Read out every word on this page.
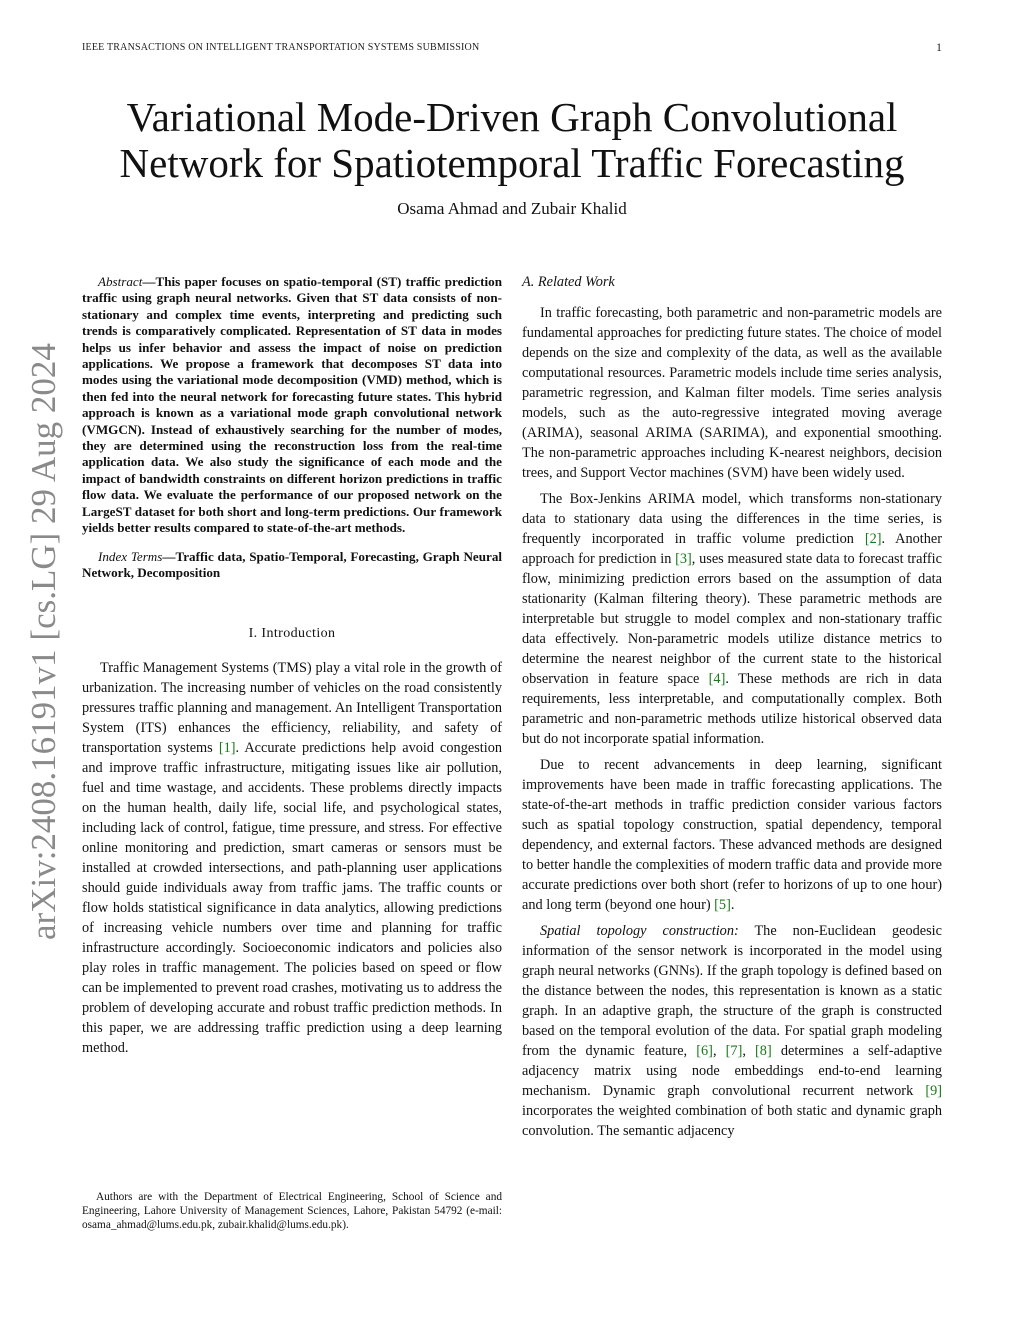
IEEE TRANSACTIONS ON INTELLIGENT TRANSPORTATION SYSTEMS SUBMISSION	1
arXiv:2408.16191v1 [cs.LG] 29 Aug 2024
Variational Mode-Driven Graph Convolutional Network for Spatiotemporal Traffic Forecasting
Osama Ahmad and Zubair Khalid

Abstract—This paper focuses on spatio-temporal (ST) traffic prediction traffic using graph neural networks. Given that ST data consists of non-stationary and complex time events, interpreting and predicting such trends is comparatively complicated. Representation of ST data in modes helps us infer behavior and assess the impact of noise on prediction applications. We propose a framework that decomposes ST data into modes using the variational mode decomposition (VMD) method, which is then fed into the neural network for forecasting future states. This hybrid approach is known as a variational mode graph convolutional network (VMGCN). Instead of exhaustively searching for the number of modes, they are determined using the reconstruction loss from the real-time application data. We also study the significance of each mode and the impact of bandwidth constraints on different horizon predictions in traffic flow data. We evaluate the performance of our proposed network on the LargeST dataset for both short and long-term predictions. Our framework yields better results compared to state-of-the-art methods.

Index Terms—Traffic data, Spatio-Temporal, Forecasting, Graph Neural Network, Decomposition

I. Introduction

Traffic Management Systems (TMS) play a vital role in the growth of urbanization. The increasing number of vehicles on the road consistently pressures traffic planning and management. An Intelligent Transportation System (ITS) enhances the efficiency, reliability, and safety of transportation systems [1]. Accurate predictions help avoid congestion and improve traffic infrastructure, mitigating issues like air pollution, fuel and time wastage, and accidents. These problems directly impacts on the human health, daily life, social life, and psychological states, including lack of control, fatigue, time pressure, and stress. For effective online monitoring and prediction, smart cameras or sensors must be installed at crowded intersections, and path-planning user applications should guide individuals away from traffic jams. The traffic counts or flow holds statistical significance in data analytics, allowing predictions of increasing vehicle numbers over time and planning for traffic infrastructure accordingly. Socioeconomic indicators and policies also play roles in traffic management. The policies based on speed or flow can be implemented to prevent road crashes, motivating us to address the problem of developing accurate and robust traffic prediction methods. In this paper, we are addressing traffic prediction using a deep learning method.

Authors are with the Department of Electrical Engineering, School of Science and Engineering, Lahore University of Management Sciences, Lahore, Pakistan 54792 (e-mail: osama_ahmad@lums.edu.pk, zubair.khalid@lums.edu.pk).

A. Related Work

In traffic forecasting, both parametric and non-parametric models are fundamental approaches for predicting future states. The choice of model depends on the size and complexity of the data, as well as the available computational resources. Parametric models include time series analysis, parametric regression, and Kalman filter models. Time series analysis models, such as the auto-regressive integrated moving average (ARIMA), seasonal ARIMA (SARIMA), and exponential smoothing. The non-parametric approaches including K-nearest neighbors, decision trees, and Support Vector machines (SVM) have been widely used.

The Box-Jenkins ARIMA model, which transforms non-stationary data to stationary data using the differences in the time series, is frequently incorporated in traffic volume prediction [2]. Another approach for prediction in [3], uses measured state data to forecast traffic flow, minimizing prediction errors based on the assumption of data stationarity (Kalman filtering theory). These parametric methods are interpretable but struggle to model complex and non-stationary traffic data effectively. Non-parametric models utilize distance metrics to determine the nearest neighbor of the current state to the historical observation in feature space [4]. These methods are rich in data requirements, less interpretable, and computationally complex. Both parametric and non-parametric methods utilize historical observed data but do not incorporate spatial information.

Due to recent advancements in deep learning, significant improvements have been made in traffic forecasting applications. The state-of-the-art methods in traffic prediction consider various factors such as spatial topology construction, spatial dependency, temporal dependency, and external factors. These advanced methods are designed to better handle the complexities of modern traffic data and provide more accurate predictions over both short (refer to horizons of up to one hour) and long term (beyond one hour) [5].

Spatial topology construction: The non-Euclidean geodesic information of the sensor network is incorporated in the model using graph neural networks (GNNs). If the graph topology is defined based on the distance between the nodes, this representation is known as a static graph. In an adaptive graph, the structure of the graph is constructed based on the temporal evolution of the data. For spatial graph modeling from the dynamic feature, [6], [7], [8] determines a self-adaptive adjacency matrix using node embeddings end-to-end learning mechanism. Dynamic graph convolutional recurrent network [9] incorporates the weighted combination of both static and dynamic graph convolution. The semantic adjacency
